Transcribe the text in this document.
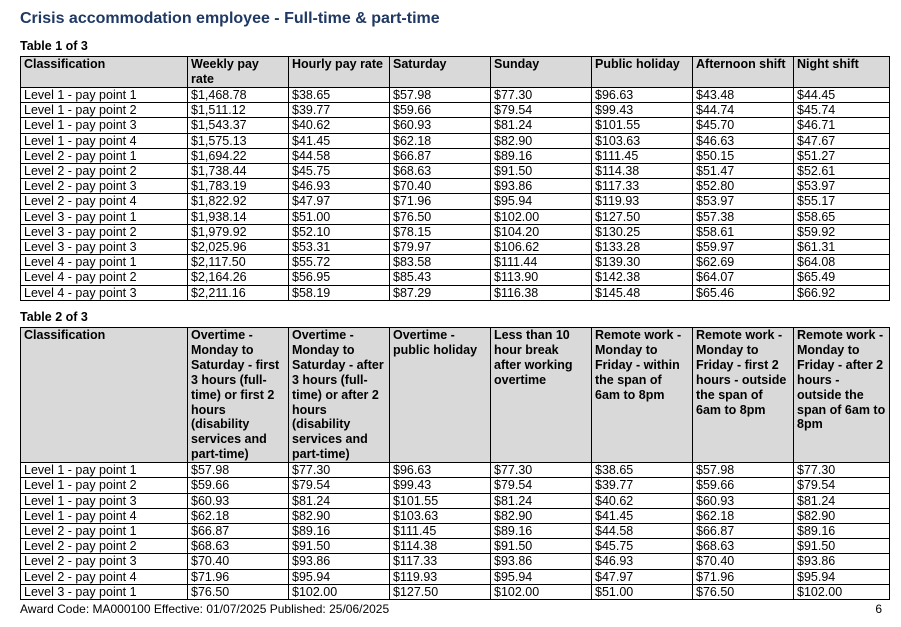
Crisis accommodation employee - Full-time & part-time
Table 1 of 3
Classification	Weekly pay rate	Hourly pay rate	Saturday	Sunday	Public holiday	Afternoon shift	Night shift
Level 1 - pay point 1	$1,468.78	$38.65	$57.98	$77.30	$96.63	$43.48	$44.45
Level 1 - pay point 2	$1,511.12	$39.77	$59.66	$79.54	$99.43	$44.74	$45.74
Level 1 - pay point 3	$1,543.37	$40.62	$60.93	$81.24	$101.55	$45.70	$46.71
Level 1 - pay point 4	$1,575.13	$41.45	$62.18	$82.90	$103.63	$46.63	$47.67
Level 2 - pay point 1	$1,694.22	$44.58	$66.87	$89.16	$111.45	$50.15	$51.27
Level 2 - pay point 2	$1,738.44	$45.75	$68.63	$91.50	$114.38	$51.47	$52.61
Level 2 - pay point 3	$1,783.19	$46.93	$70.40	$93.86	$117.33	$52.80	$53.97
Level 2 - pay point 4	$1,822.92	$47.97	$71.96	$95.94	$119.93	$53.97	$55.17
Level 3 - pay point 1	$1,938.14	$51.00	$76.50	$102.00	$127.50	$57.38	$58.65
Level 3 - pay point 2	$1,979.92	$52.10	$78.15	$104.20	$130.25	$58.61	$59.92
Level 3 - pay point 3	$2,025.96	$53.31	$79.97	$106.62	$133.28	$59.97	$61.31
Level 4 - pay point 1	$2,117.50	$55.72	$83.58	$111.44	$139.30	$62.69	$64.08
Level 4 - pay point 2	$2,164.26	$56.95	$85.43	$113.90	$142.38	$64.07	$65.49
Level 4 - pay point 3	$2,211.16	$58.19	$87.29	$116.38	$145.48	$65.46	$66.92
Table 2 of 3
Classification	Overtime - Monday to Saturday - first 3 hours (full-time) or first 2 hours (disability services and part-time)	Overtime - Monday to Saturday - after 3 hours (full-time) or after 2 hours (disability services and part-time)	Overtime - public holiday	Less than 10 hour break after working overtime	Remote work - Monday to Friday - within the span of 6am to 8pm	Remote work - Monday to Friday - first 2 hours - outside the span of 6am to 8pm	Remote work - Monday to Friday - after 2 hours - outside the span of 6am to 8pm
Level 1 - pay point 1	$57.98	$77.30	$96.63	$77.30	$38.65	$57.98	$77.30
Level 1 - pay point 2	$59.66	$79.54	$99.43	$79.54	$39.77	$59.66	$79.54
Level 1 - pay point 3	$60.93	$81.24	$101.55	$81.24	$40.62	$60.93	$81.24
Level 1 - pay point 4	$62.18	$82.90	$103.63	$82.90	$41.45	$62.18	$82.90
Level 2 - pay point 1	$66.87	$89.16	$111.45	$89.16	$44.58	$66.87	$89.16
Level 2 - pay point 2	$68.63	$91.50	$114.38	$91.50	$45.75	$68.63	$91.50
Level 2 - pay point 3	$70.40	$93.86	$117.33	$93.86	$46.93	$70.40	$93.86
Level 2 - pay point 4	$71.96	$95.94	$119.93	$95.94	$47.97	$71.96	$95.94
Level 3 - pay point 1	$76.50	$102.00	$127.50	$102.00	$51.00	$76.50	$102.00
Award Code: MA000100 Effective: 01/07/2025 Published: 25/06/2025	6
